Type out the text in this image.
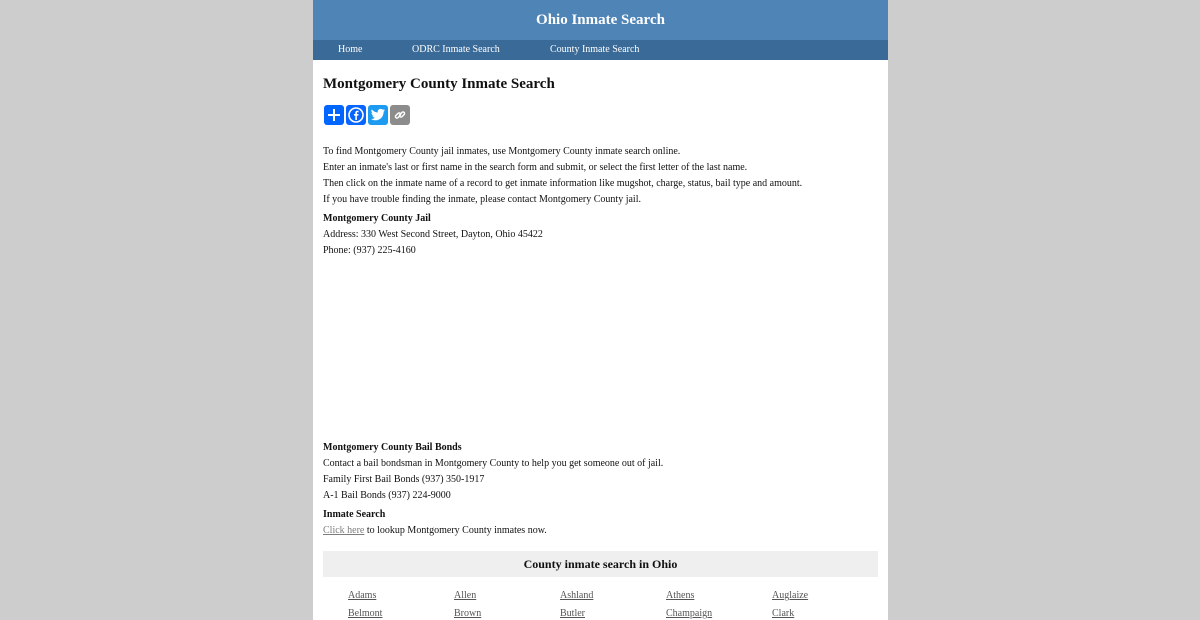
Ohio Inmate Search
Home	ODRC Inmate Search	County Inmate Search
Montgomery County Inmate Search
To find Montgomery County jail inmates, use Montgomery County inmate search online.
Enter an inmate's last or first name in the search form and submit, or select the first letter of the last name.
Then click on the inmate name of a record to get inmate information like mugshot, charge, status, bail type and amount.
If you have trouble finding the inmate, please contact Montgomery County jail.
Montgomery County Jail
Address: 330 West Second Street, Dayton, Ohio 45422
Phone: (937) 225-4160
Montgomery County Bail Bonds
Contact a bail bondsman in Montgomery County to help you get someone out of jail.
Family First Bail Bonds (937) 350-1917
A-1 Bail Bonds (937) 224-9000
Inmate Search
Click here to lookup Montgomery County inmates now.
County inmate search in Ohio
Adams	Allen	Ashland	Athens	Auglaize
Belmont	Brown	Butler	Champaign	Clark
